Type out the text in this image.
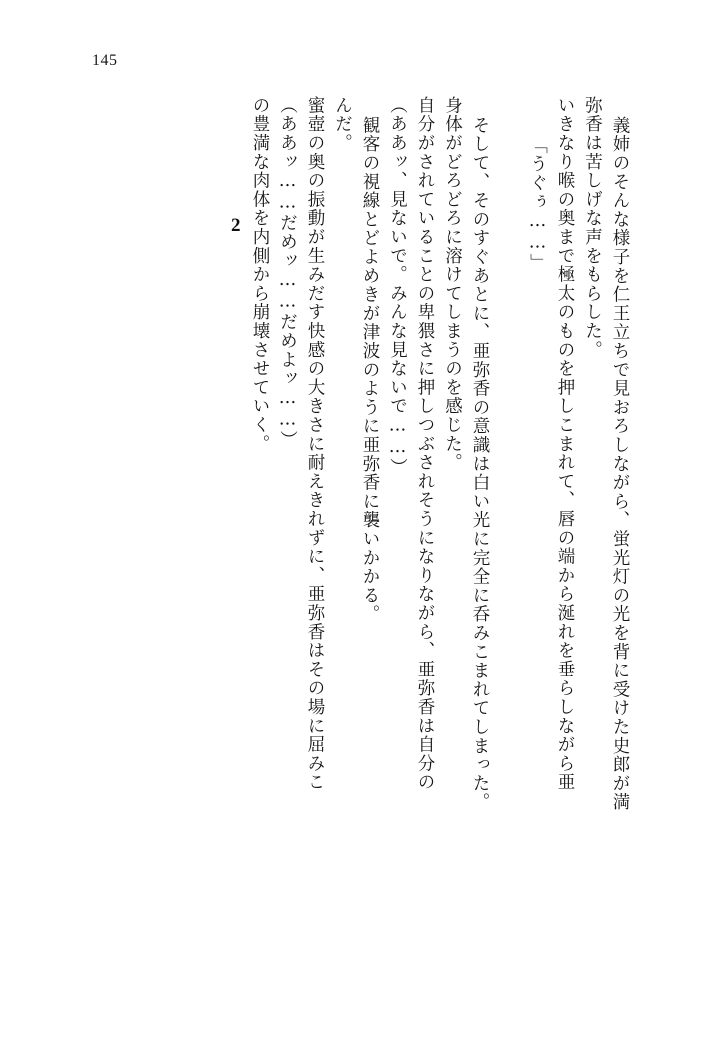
145
2 の豊満な肉体を内側から崩壊させていく。 （ああッ……だめッ……だめよッ……） 蜜壺の奥の振動が生みだす快感の大きさに耐えきれずに、亜弥香はその場に屈みこ んだ。 観客の視線とどよめきが津波のように亜弥香に襲いかかる。 （ああッ、見ないで。みんな見ないで……） 自分がされていることの卑猥さに押しつぶされそうになりながら、亜弥香は自分の 身体がどろどろに溶けてしまうのを感じた。 そして、そのすぐあとに、亜弥香の意識は白い光に完全に呑みこまれてしまった。 「うぐぅ……」 いきなり喉の奥まで極太のものを押しこまれて、唇の端から涎れを垂らしながら亜 弥香は苦しげな声をもらした。 義姉のそんな様子を仁王立ちで見おろしながら、蛍光灯の光を背に受けた史郎が満
